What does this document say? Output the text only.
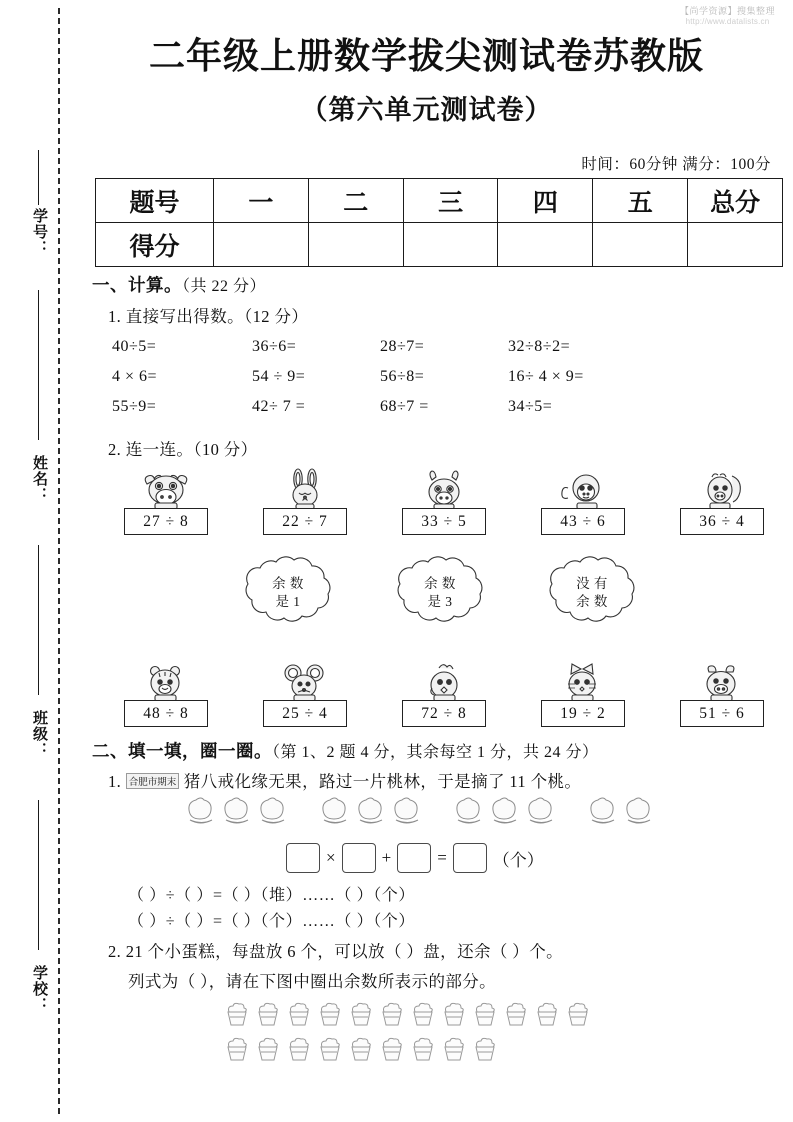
学号：
姓名：
班级：
学校：
【尚学资源】搜集整理
http://www.datalists.cn
二年级上册数学拔尖测试卷苏教版
（第六单元测试卷）
时间：60分钟 满分：100分
题号	一	二	三	四	五	总分
得分						
一、计算。（共 22 分）
1. 直接写出得数。（12 分）
40÷5=	36÷6=	28÷7=	32÷8÷2=
4 × 6=	54 ÷ 9=	56÷8=	16÷ 4 × 9=
55÷9=	42÷ 7 =	68÷7 =	34÷5=
2. 连一连。（10 分）
27 ÷ 8	22 ÷ 7	33 ÷ 5	43 ÷ 6	36 ÷ 4
余 数
是 1
余 数
是 3
没 有
余 数
48 ÷ 8	25 ÷ 4	72 ÷ 8	19 ÷ 2	51 ÷ 6
二、填一填，圈一圈。（第 1、2 题 4 分，其余每空 1 分，共 24 分）
1. 合肥市期末 猪八戒化缘无果，路过一片桃林，于是摘了 11 个桃。
×	+	=	（个）
（ ）÷（ ）=（ ）（堆）……（ ）（个）
（ ）÷（ ）=（ ）（个）……（ ）（个）
2. 21 个小蛋糕，每盘放 6 个，可以放（ ）盘，还余（ ）个。
列式为（ ），请在下图中圈出余数所表示的部分。
